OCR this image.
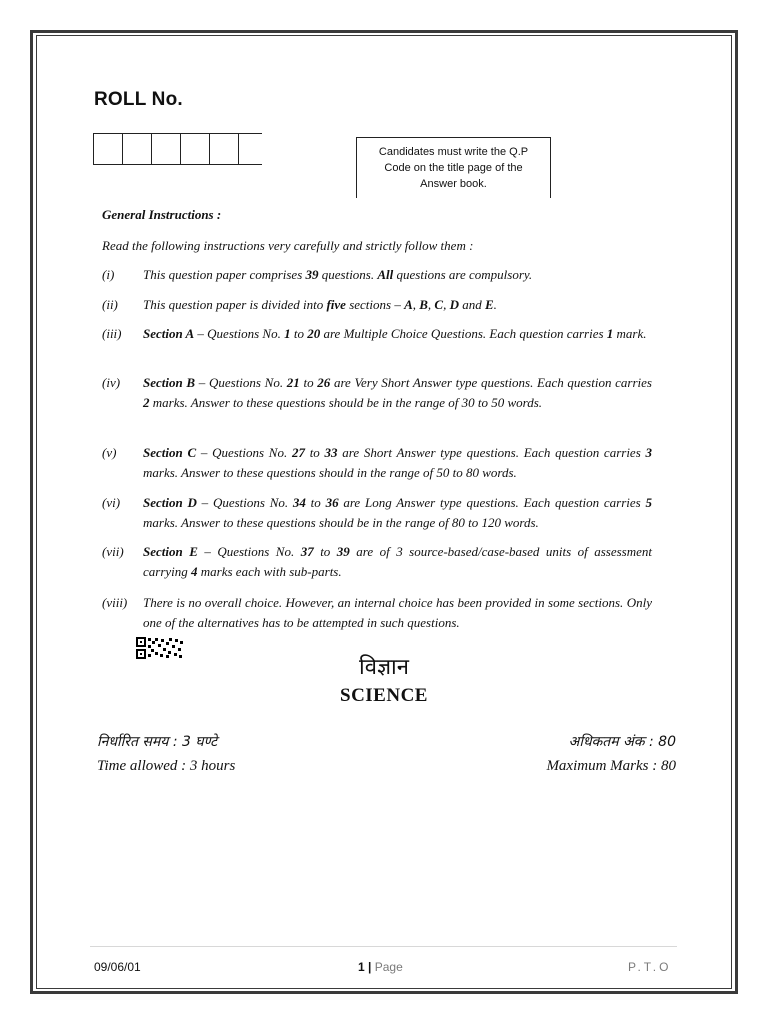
ROLL No.
Candidates must write the Q.P
Code on the title page of the
Answer book.
General Instructions :
Read the following instructions very carefully and strictly follow them :
(i)	This question paper comprises 39 questions. All questions are compulsory.
(ii)	This question paper is divided into five sections – A, B, C, D and E.
(iii)	Section A – Questions No. 1 to 20 are Multiple Choice Questions. Each question carries 1 mark.
(iv)	Section B – Questions No. 21 to 26 are Very Short Answer type questions. Each question carries 2 marks. Answer to these questions should be in the range of 30 to 50 words.
(v)	Section C – Questions No. 27 to 33 are Short Answer type questions. Each question carries 3 marks. Answer to these questions should in the range of 50 to 80 words.
(vi)	Section D – Questions No. 34 to 36 are Long Answer type questions. Each question carries 5 marks. Answer to these questions should be in the range of 80 to 120 words.
(vii)	Section E – Questions No. 37 to 39 are of 3 source-based/case-based units of assessment carrying 4 marks each with sub-parts.
(viii)	There is no overall choice. However, an internal choice has been provided in some sections. Only one of the alternatives has to be attempted in such questions.
विज्ञान
SCIENCE
निर्धारित समय : 3 घण्टे	अधिकतम अंक : 80
Time allowed : 3 hours	Maximum Marks : 80
09/06/01	1 | Page	P.T.O
